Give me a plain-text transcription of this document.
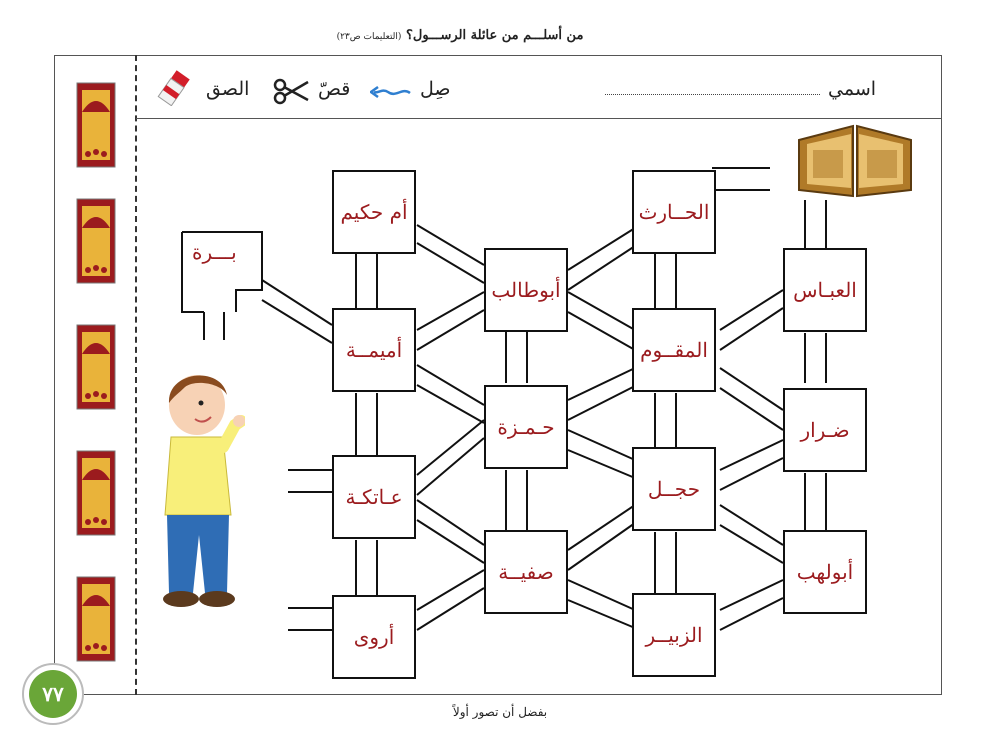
من أسلـــم من عائلة الرســـول؟ (التعليمات ص٢٣)
اسمي
صِل
قصّ
الصق
أم حكيم	الحــارث
بـــرة
أبوطالب	العبـاس
أميمــة	المقــوم
حـمـزة	ضـرار
عـاتكـة	حجــل
صفيــة	أبولهب
أروى	الزبيــر
٧٧
بفضل أن تصور أولاً
